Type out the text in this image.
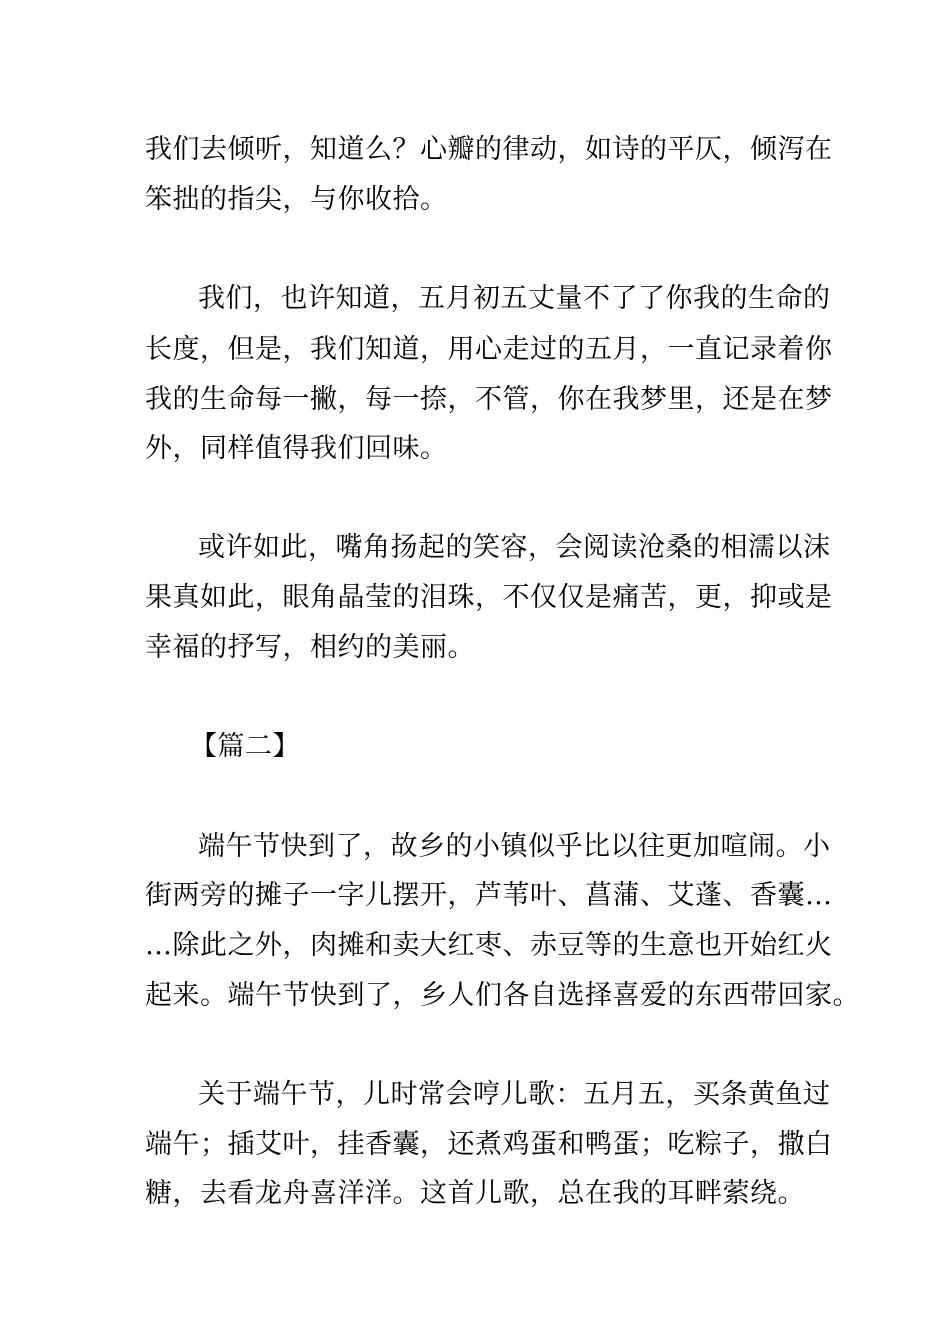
我们去倾听，知道么？心瓣的律动，如诗的平仄，倾泻在
笨拙的指尖，与你收拾。
我们，也许知道，五月初五丈量不了了你我的生命的
长度，但是，我们知道，用心走过的五月，一直记录着你
我的生命每一撇，每一捺，不管，你在我梦里，还是在梦
外，同样值得我们回味。
或许如此，嘴角扬起的笑容，会阅读沧桑的相濡以沫
果真如此，眼角晶莹的泪珠，不仅仅是痛苦，更，抑或是
幸福的抒写，相约的美丽。
【篇二】
端午节快到了，故乡的小镇似乎比以往更加喧闹。小
街两旁的摊子一字儿摆开，芦苇叶、菖蒲、艾蓬、香囊…
…除此之外，肉摊和卖大红枣、赤豆等的生意也开始红火
起来。端午节快到了，乡人们各自选择喜爱的东西带回家。
关于端午节，儿时常会哼儿歌：五月五，买条黄鱼过
端午；插艾叶，挂香囊，还煮鸡蛋和鸭蛋；吃粽子，撒白
糖，去看龙舟喜洋洋。这首儿歌，总在我的耳畔萦绕。
